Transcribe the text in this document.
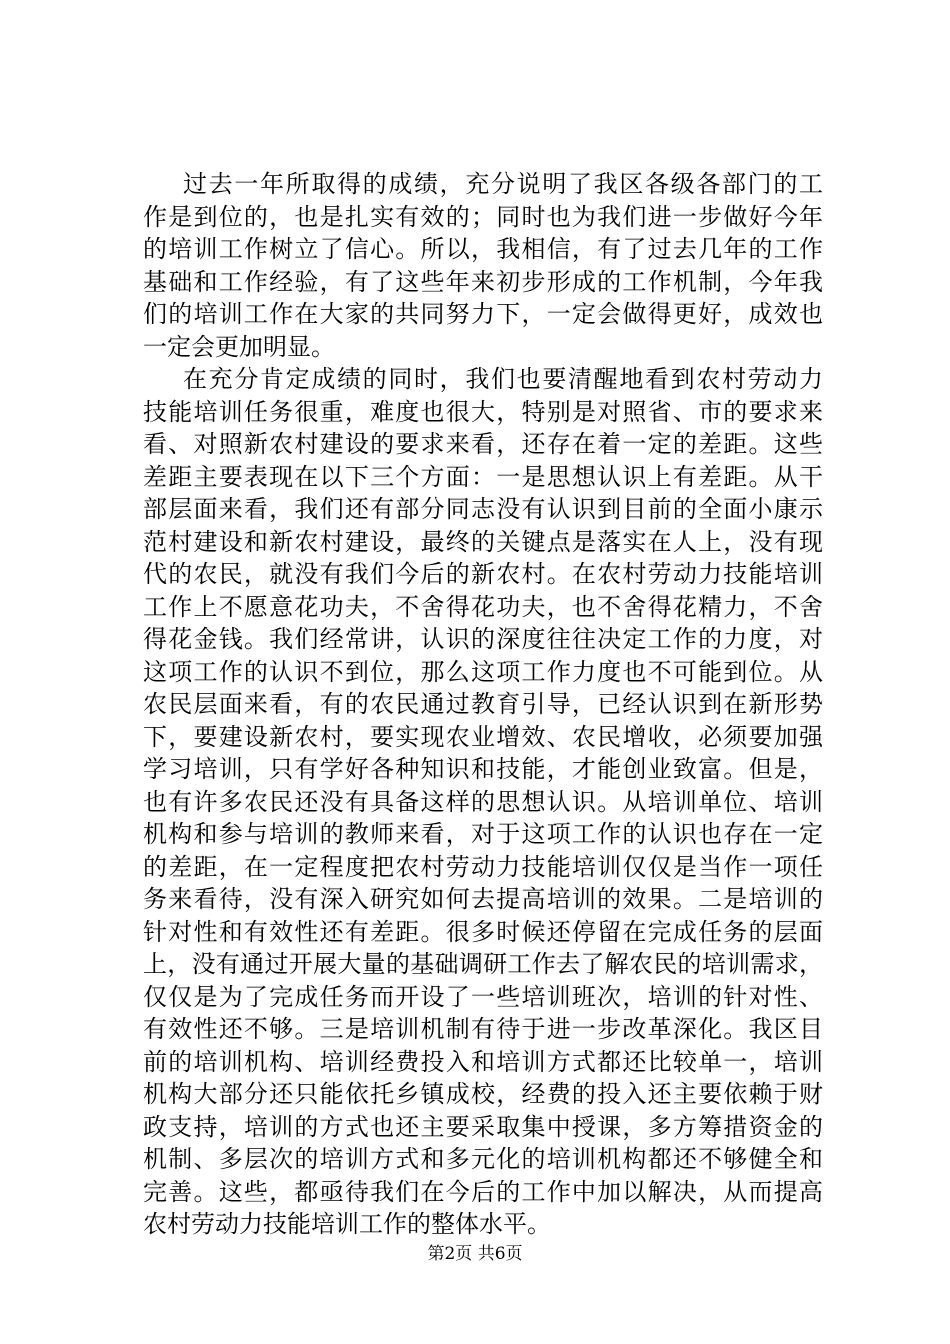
过去一年所取得的成绩，充分说明了我区各级各部门的工
作是到位的，也是扎实有效的；同时也为我们进一步做好今年
的培训工作树立了信心。所以，我相信，有了过去几年的工作
基础和工作经验，有了这些年来初步形成的工作机制，今年我
们的培训工作在大家的共同努力下，一定会做得更好，成效也
一定会更加明显。
在充分肯定成绩的同时，我们也要清醒地看到农村劳动力
技能培训任务很重，难度也很大，特别是对照省、市的要求来
看、对照新农村建设的要求来看，还存在着一定的差距。这些
差距主要表现在以下三个方面：一是思想认识上有差距。从干
部层面来看，我们还有部分同志没有认识到目前的全面小康示
范村建设和新农村建设，最终的关键点是落实在人上，没有现
代的农民，就没有我们今后的新农村。在农村劳动力技能培训
工作上不愿意花功夫，不舍得花功夫，也不舍得花精力，不舍
得花金钱。我们经常讲，认识的深度往往决定工作的力度，对
这项工作的认识不到位，那么这项工作力度也不可能到位。从
农民层面来看，有的农民通过教育引导，已经认识到在新形势
下，要建设新农村，要实现农业增效、农民增收，必须要加强
学习培训，只有学好各种知识和技能，才能创业致富。但是，
也有许多农民还没有具备这样的思想认识。从培训单位、培训
机构和参与培训的教师来看，对于这项工作的认识也存在一定
的差距，在一定程度把农村劳动力技能培训仅仅是当作一项任
务来看待，没有深入研究如何去提高培训的效果。二是培训的
针对性和有效性还有差距。很多时候还停留在完成任务的层面
上，没有通过开展大量的基础调研工作去了解农民的培训需求，
仅仅是为了完成任务而开设了一些培训班次，培训的针对性、
有效性还不够。三是培训机制有待于进一步改革深化。我区目
前的培训机构、培训经费投入和培训方式都还比较单一，培训
机构大部分还只能依托乡镇成校，经费的投入还主要依赖于财
政支持，培训的方式也还主要采取集中授课，多方筹措资金的
机制、多层次的培训方式和多元化的培训机构都还不够健全和
完善。这些，都亟待我们在今后的工作中加以解决，从而提高
农村劳动力技能培训工作的整体水平。
第2页 共6页
